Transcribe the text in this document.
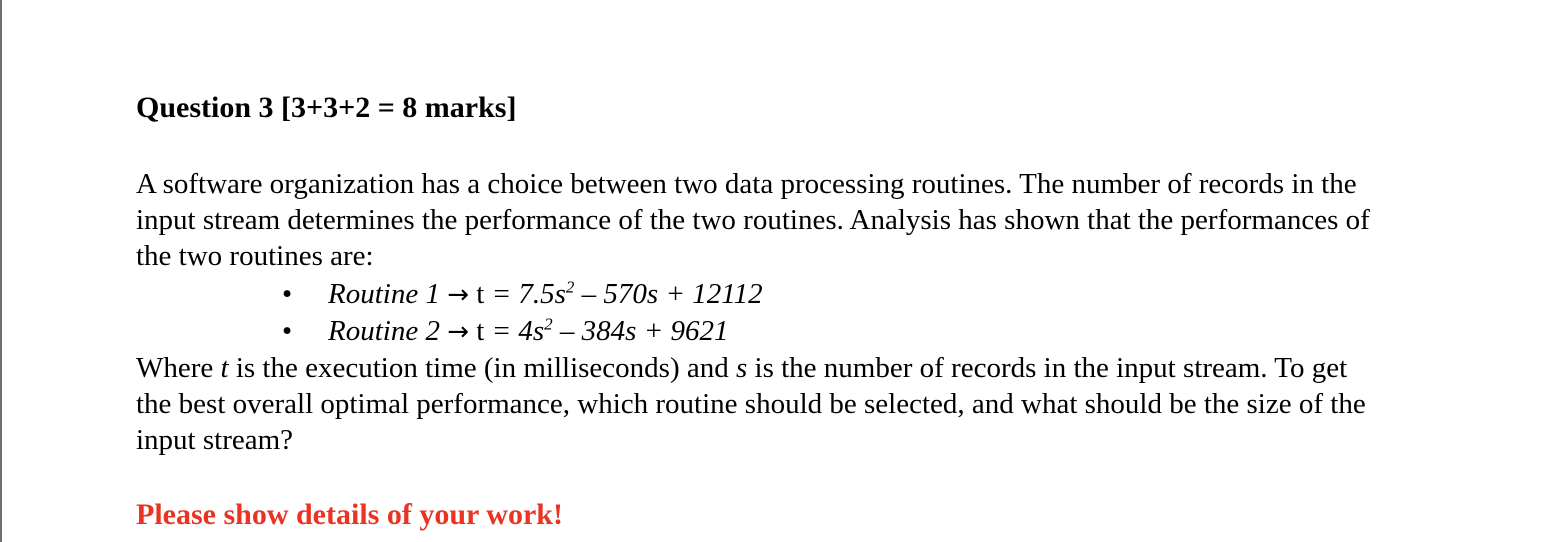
Question 3 [3+3+2 = 8 marks]
A software organization has a choice between two data processing routines. The number of records in the
input stream determines the performance of the two routines. Analysis has shown that the performances of
the two routines are:
• Routine $1 \to t = 7.5s^2 - 570s + 12112$
• Routine $2 \to t = 4s^2 - 384s + 9621$
Where t is the execution time (in milliseconds) and s is the number of records in the input stream. To get
the best overall optimal performance, which routine should be selected, and what should be the size of the
input stream?
Please show details of your work!
